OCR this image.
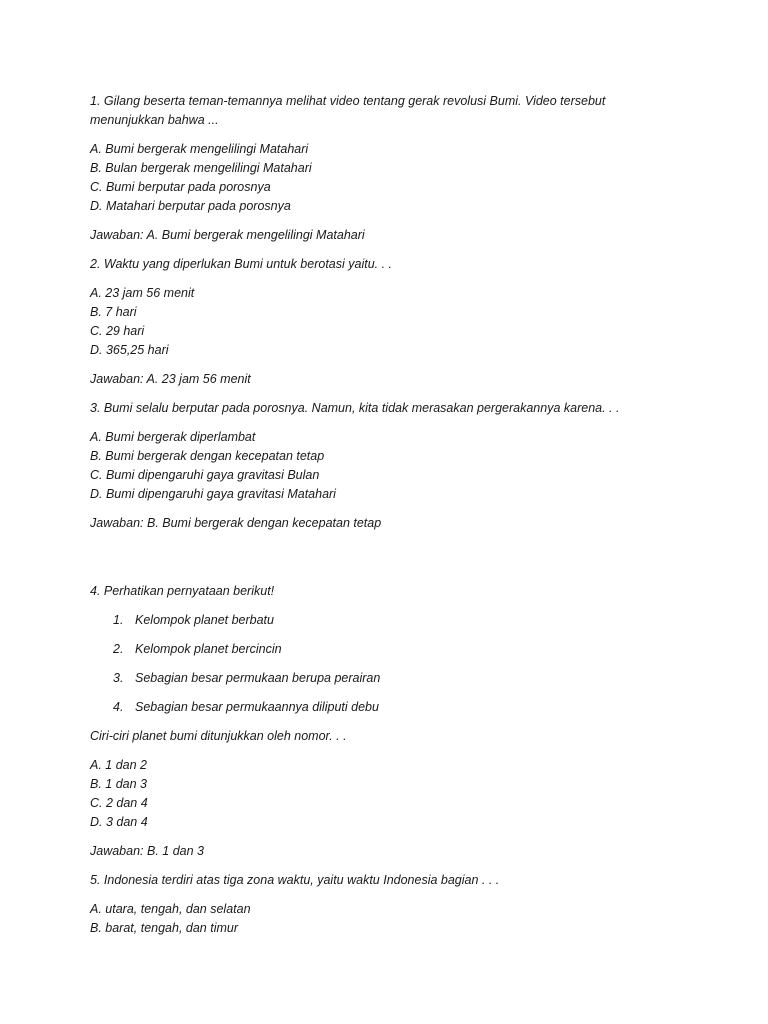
1. Gilang beserta teman-temannya melihat video tentang gerak revolusi Bumi. Video tersebut menunjukkan bahwa ...
A. Bumi bergerak mengelilingi Matahari
B. Bulan bergerak mengelilingi Matahari
C. Bumi berputar pada porosnya
D. Matahari berputar pada porosnya
Jawaban: A. Bumi bergerak mengelilingi Matahari
2. Waktu yang diperlukan Bumi untuk berotasi yaitu. . .
A. 23 jam 56 menit
B. 7 hari
C. 29 hari
D. 365,25 hari
Jawaban: A. 23 jam 56 menit
3. Bumi selalu berputar pada porosnya. Namun, kita tidak merasakan pergerakannya karena. . .
A. Bumi bergerak diperlambat
B. Bumi bergerak dengan kecepatan tetap
C. Bumi dipengaruhi gaya gravitasi Bulan
D. Bumi dipengaruhi gaya gravitasi Matahari
Jawaban: B. Bumi bergerak dengan kecepatan tetap
4. Perhatikan pernyataan berikut!
1. Kelompok planet berbatu
2. Kelompok planet bercincin
3. Sebagian besar permukaan berupa perairan
4. Sebagian besar permukaannya diliputi debu
Ciri-ciri planet bumi ditunjukkan oleh nomor. . .
A. 1 dan 2
B. 1 dan 3
C. 2 dan 4
D. 3 dan 4
Jawaban: B. 1 dan 3
5. Indonesia terdiri atas tiga zona waktu, yaitu waktu Indonesia bagian . . .
A. utara, tengah, dan selatan
B. barat, tengah, dan timur
